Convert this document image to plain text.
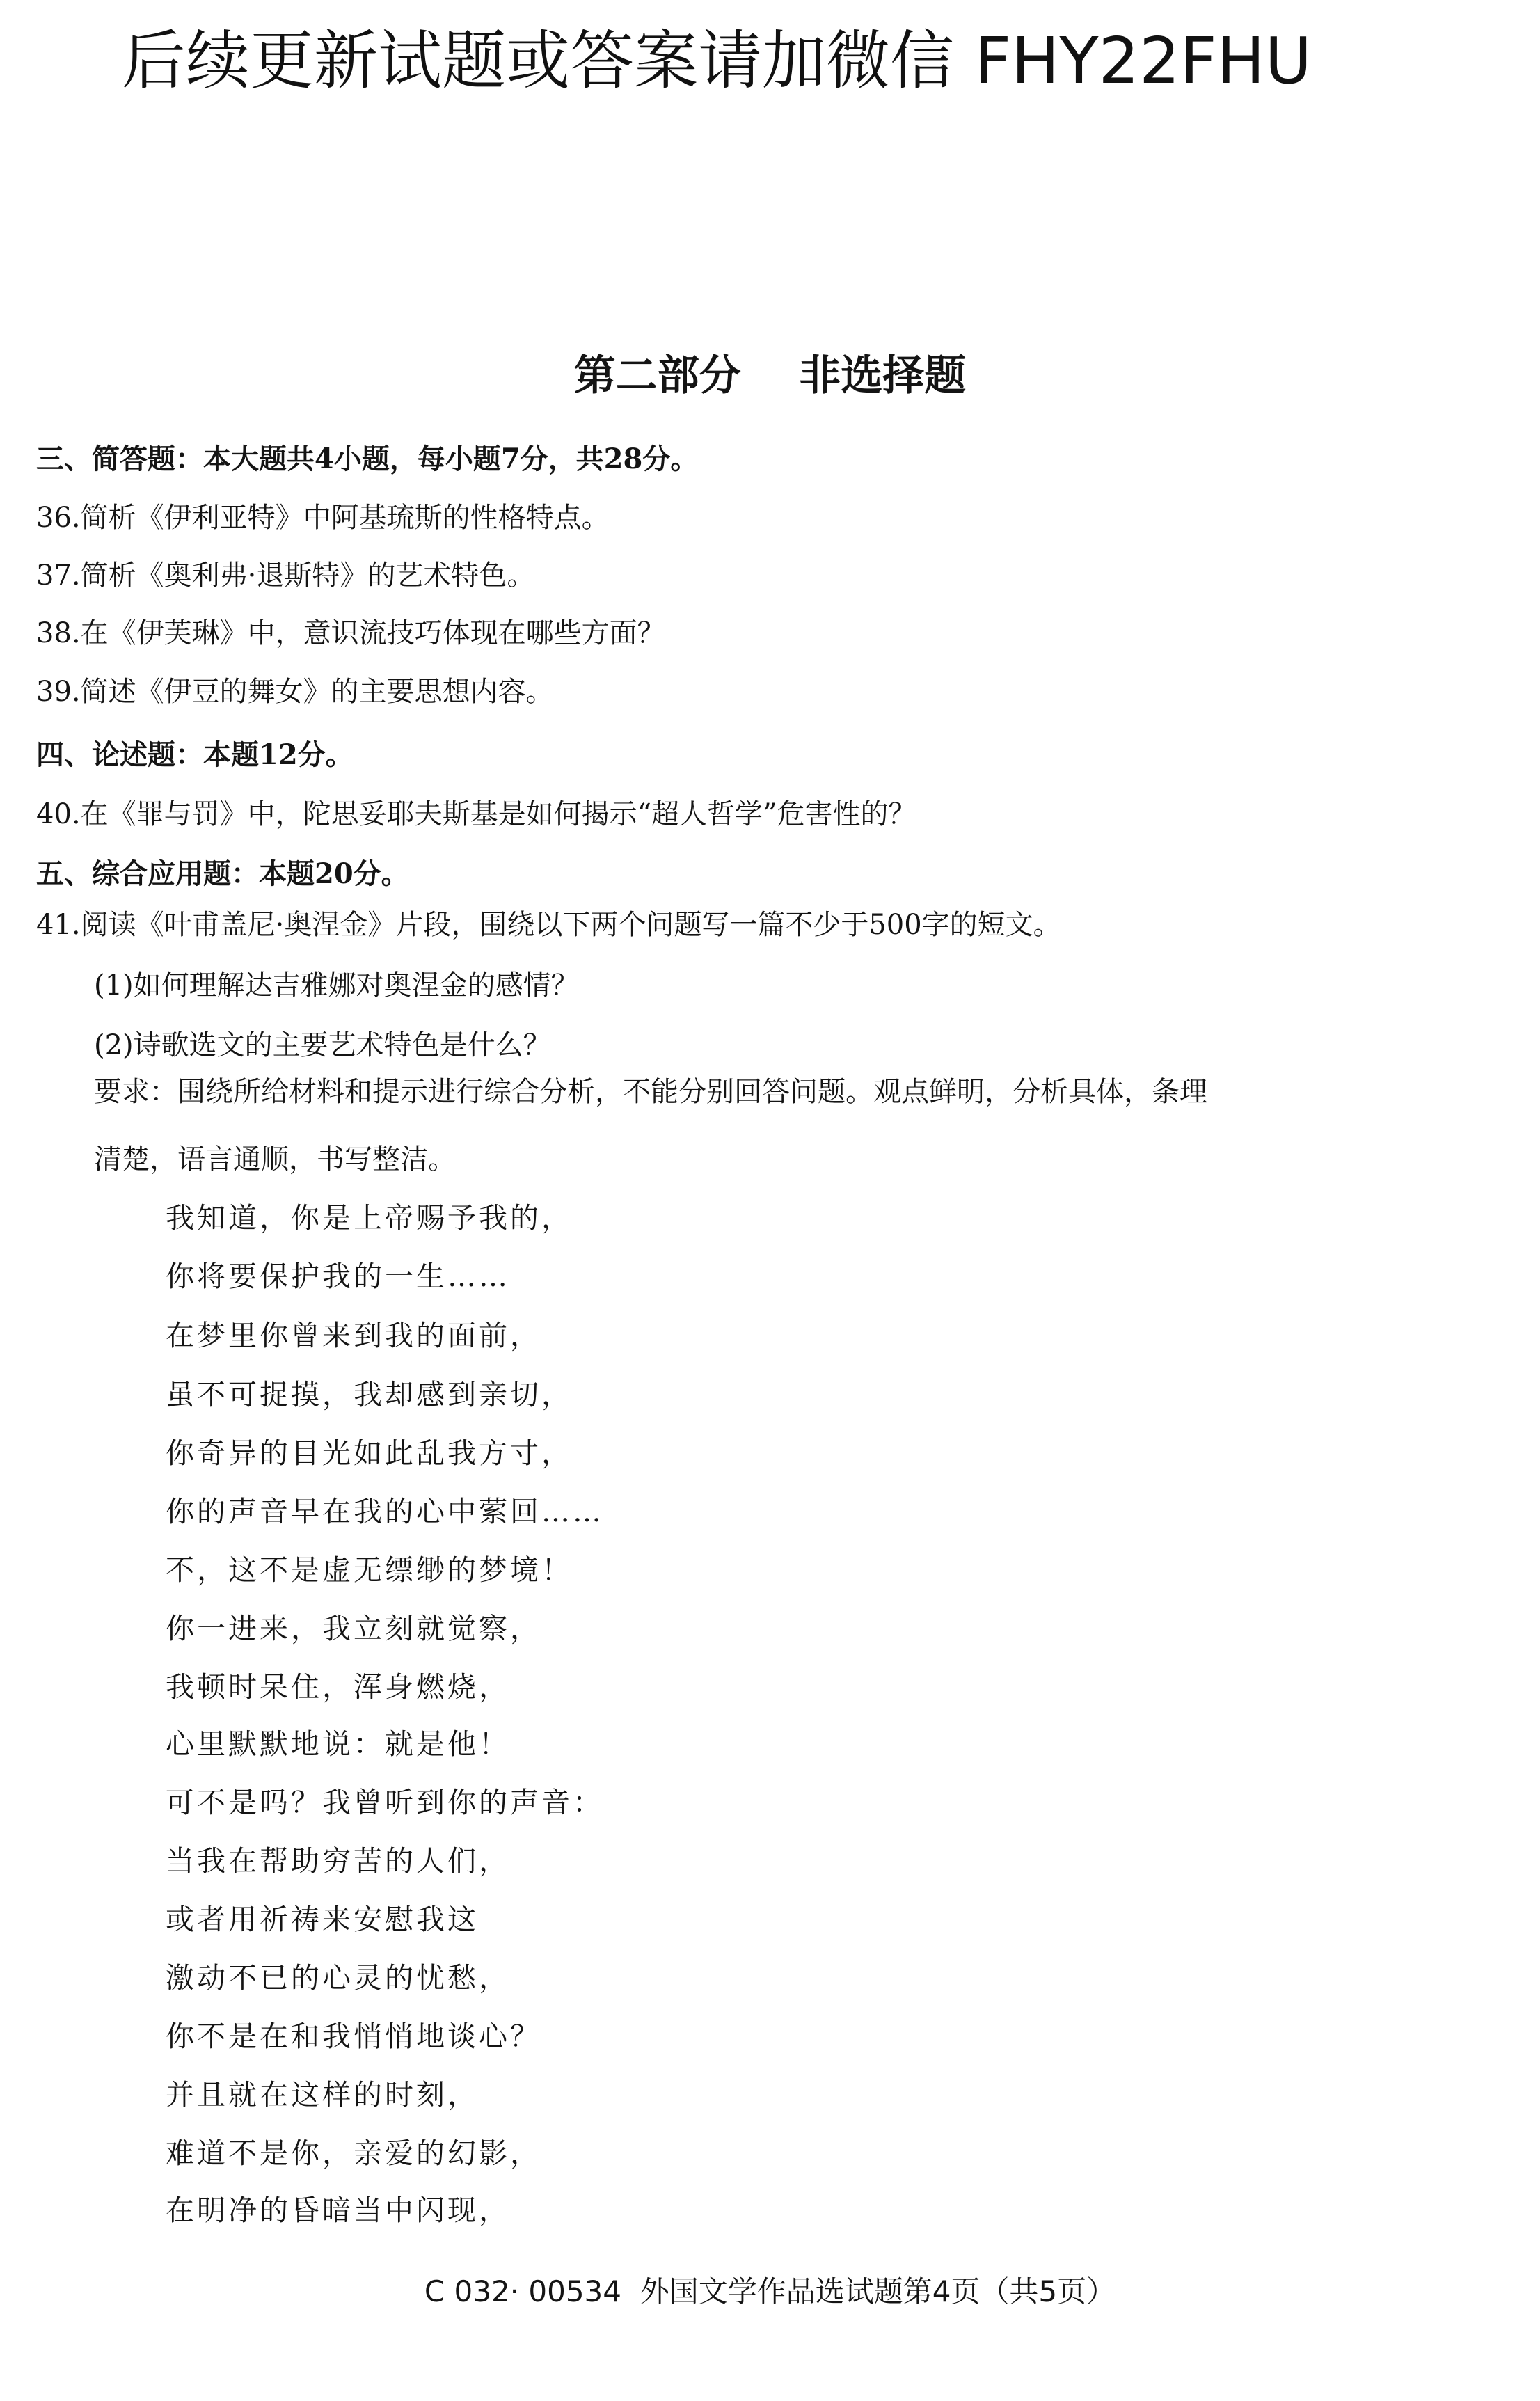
后续更新试题或答案请加微信 FHY22FHU
第二部分    非选择题
三、简答题：本大题共4小题，每小题7分，共28分。
36.简析《伊利亚特》中阿基琉斯的性格特点。
37.简析《奥利弗·退斯特》的艺术特色。
38.在《伊芙琳》中，意识流技巧体现在哪些方面？
39.简述《伊豆的舞女》的主要思想内容。
四、论述题：本题12分。
40.在《罪与罚》中，陀思妥耶夫斯基是如何揭示“超人哲学”危害性的？
五、综合应用题：本题20分。
41.阅读《叶甫盖尼·奥涅金》片段，围绕以下两个问题写一篇不少于500字的短文。
(1)如何理解达吉雅娜对奥涅金的感情？
(2)诗歌选文的主要艺术特色是什么？
要求：围绕所给材料和提示进行综合分析，不能分别回答问题。观点鲜明，分析具体，条理
清楚，语言通顺，书写整洁。
我知道，你是上帝赐予我的，
你将要保护我的一生……
在梦里你曾来到我的面前，
虽不可捉摸，我却感到亲切，
你奇异的目光如此乱我方寸，
你的声音早在我的心中萦回……
不，这不是虚无缥缈的梦境！
你一进来，我立刻就觉察，
我顿时呆住，浑身燃烧，
心里默默地说：就是他！
可不是吗？我曾听到你的声音：
当我在帮助穷苦的人们，
或者用祈祷来安慰我这
激动不已的心灵的忧愁，
你不是在和我悄悄地谈心？
并且就在这样的时刻，
难道不是你，亲爱的幻影，
在明净的昏暗当中闪现，
C 032· 00534  外国文学作品选试题第4页（共5页）
